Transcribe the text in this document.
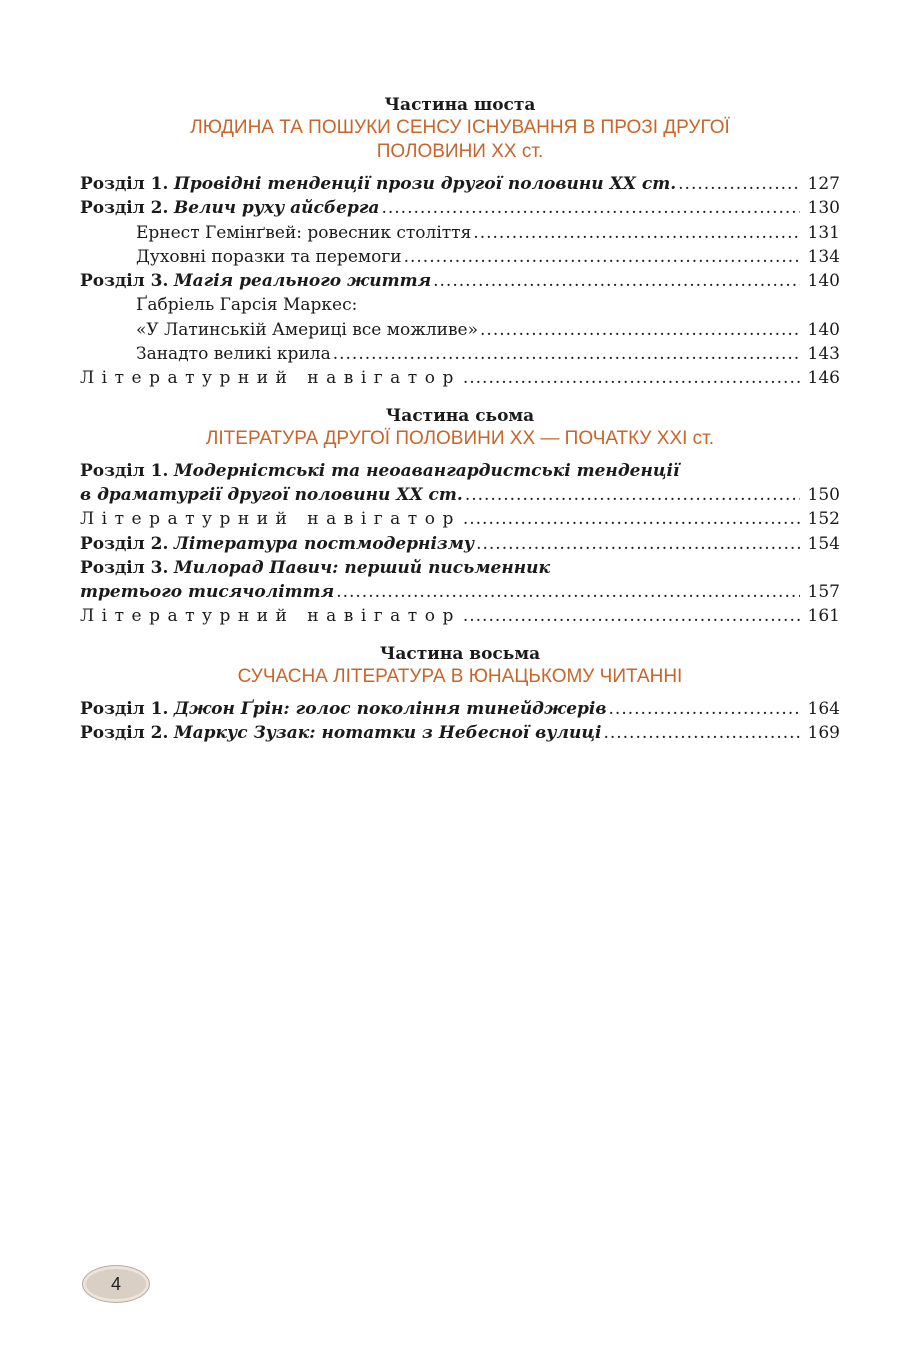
Частина шоста

ЛЮДИНА ТА ПОШУКИ СЕНСУ ІСНУВАННЯ В ПРОЗІ ДРУГОЇ
ПОЛОВИНИ ХХ ст.
Розділ 1. Провідні тенденції прози другої половини ХХ ст. .....	127
Розділ 2. Велич руху айсберга .....	130
Ернест Гемінґвей: ровесник століття .....	131
Духовні поразки та перемоги .....	134
Розділ 3. Магія реального життя .....	140
Ґабріель Гарсія Маркес:
«У Латинській Америці все можливе» .....	140
Занадто великі крила .....	143
Літературний навігатор .....	146

Частина сьома

ЛІТЕРАТУРА ДРУГОЇ ПОЛОВИНИ ХХ — ПОЧАТКУ ХХІ ст.
Розділ 1. Модерністські та неоавангардистські тенденції
в драматургії другої половини ХХ ст. .....	150
Літературний навігатор .....	152
Розділ 2. Література постмодернізму .....	154
Розділ 3. Милорад Павич: перший письменник
третього тисячоліття .....	157
Літературний навігатор .....	161

Частина восьма

СУЧАСНА ЛІТЕРАТУРА В ЮНАЦЬКОМУ ЧИТАННІ
Розділ 1. Джон Ґрін: голос покоління тинейджерів .....	164
Розділ 2. Маркус Зузак: нотатки з Небесної вулиці .....	169
4
